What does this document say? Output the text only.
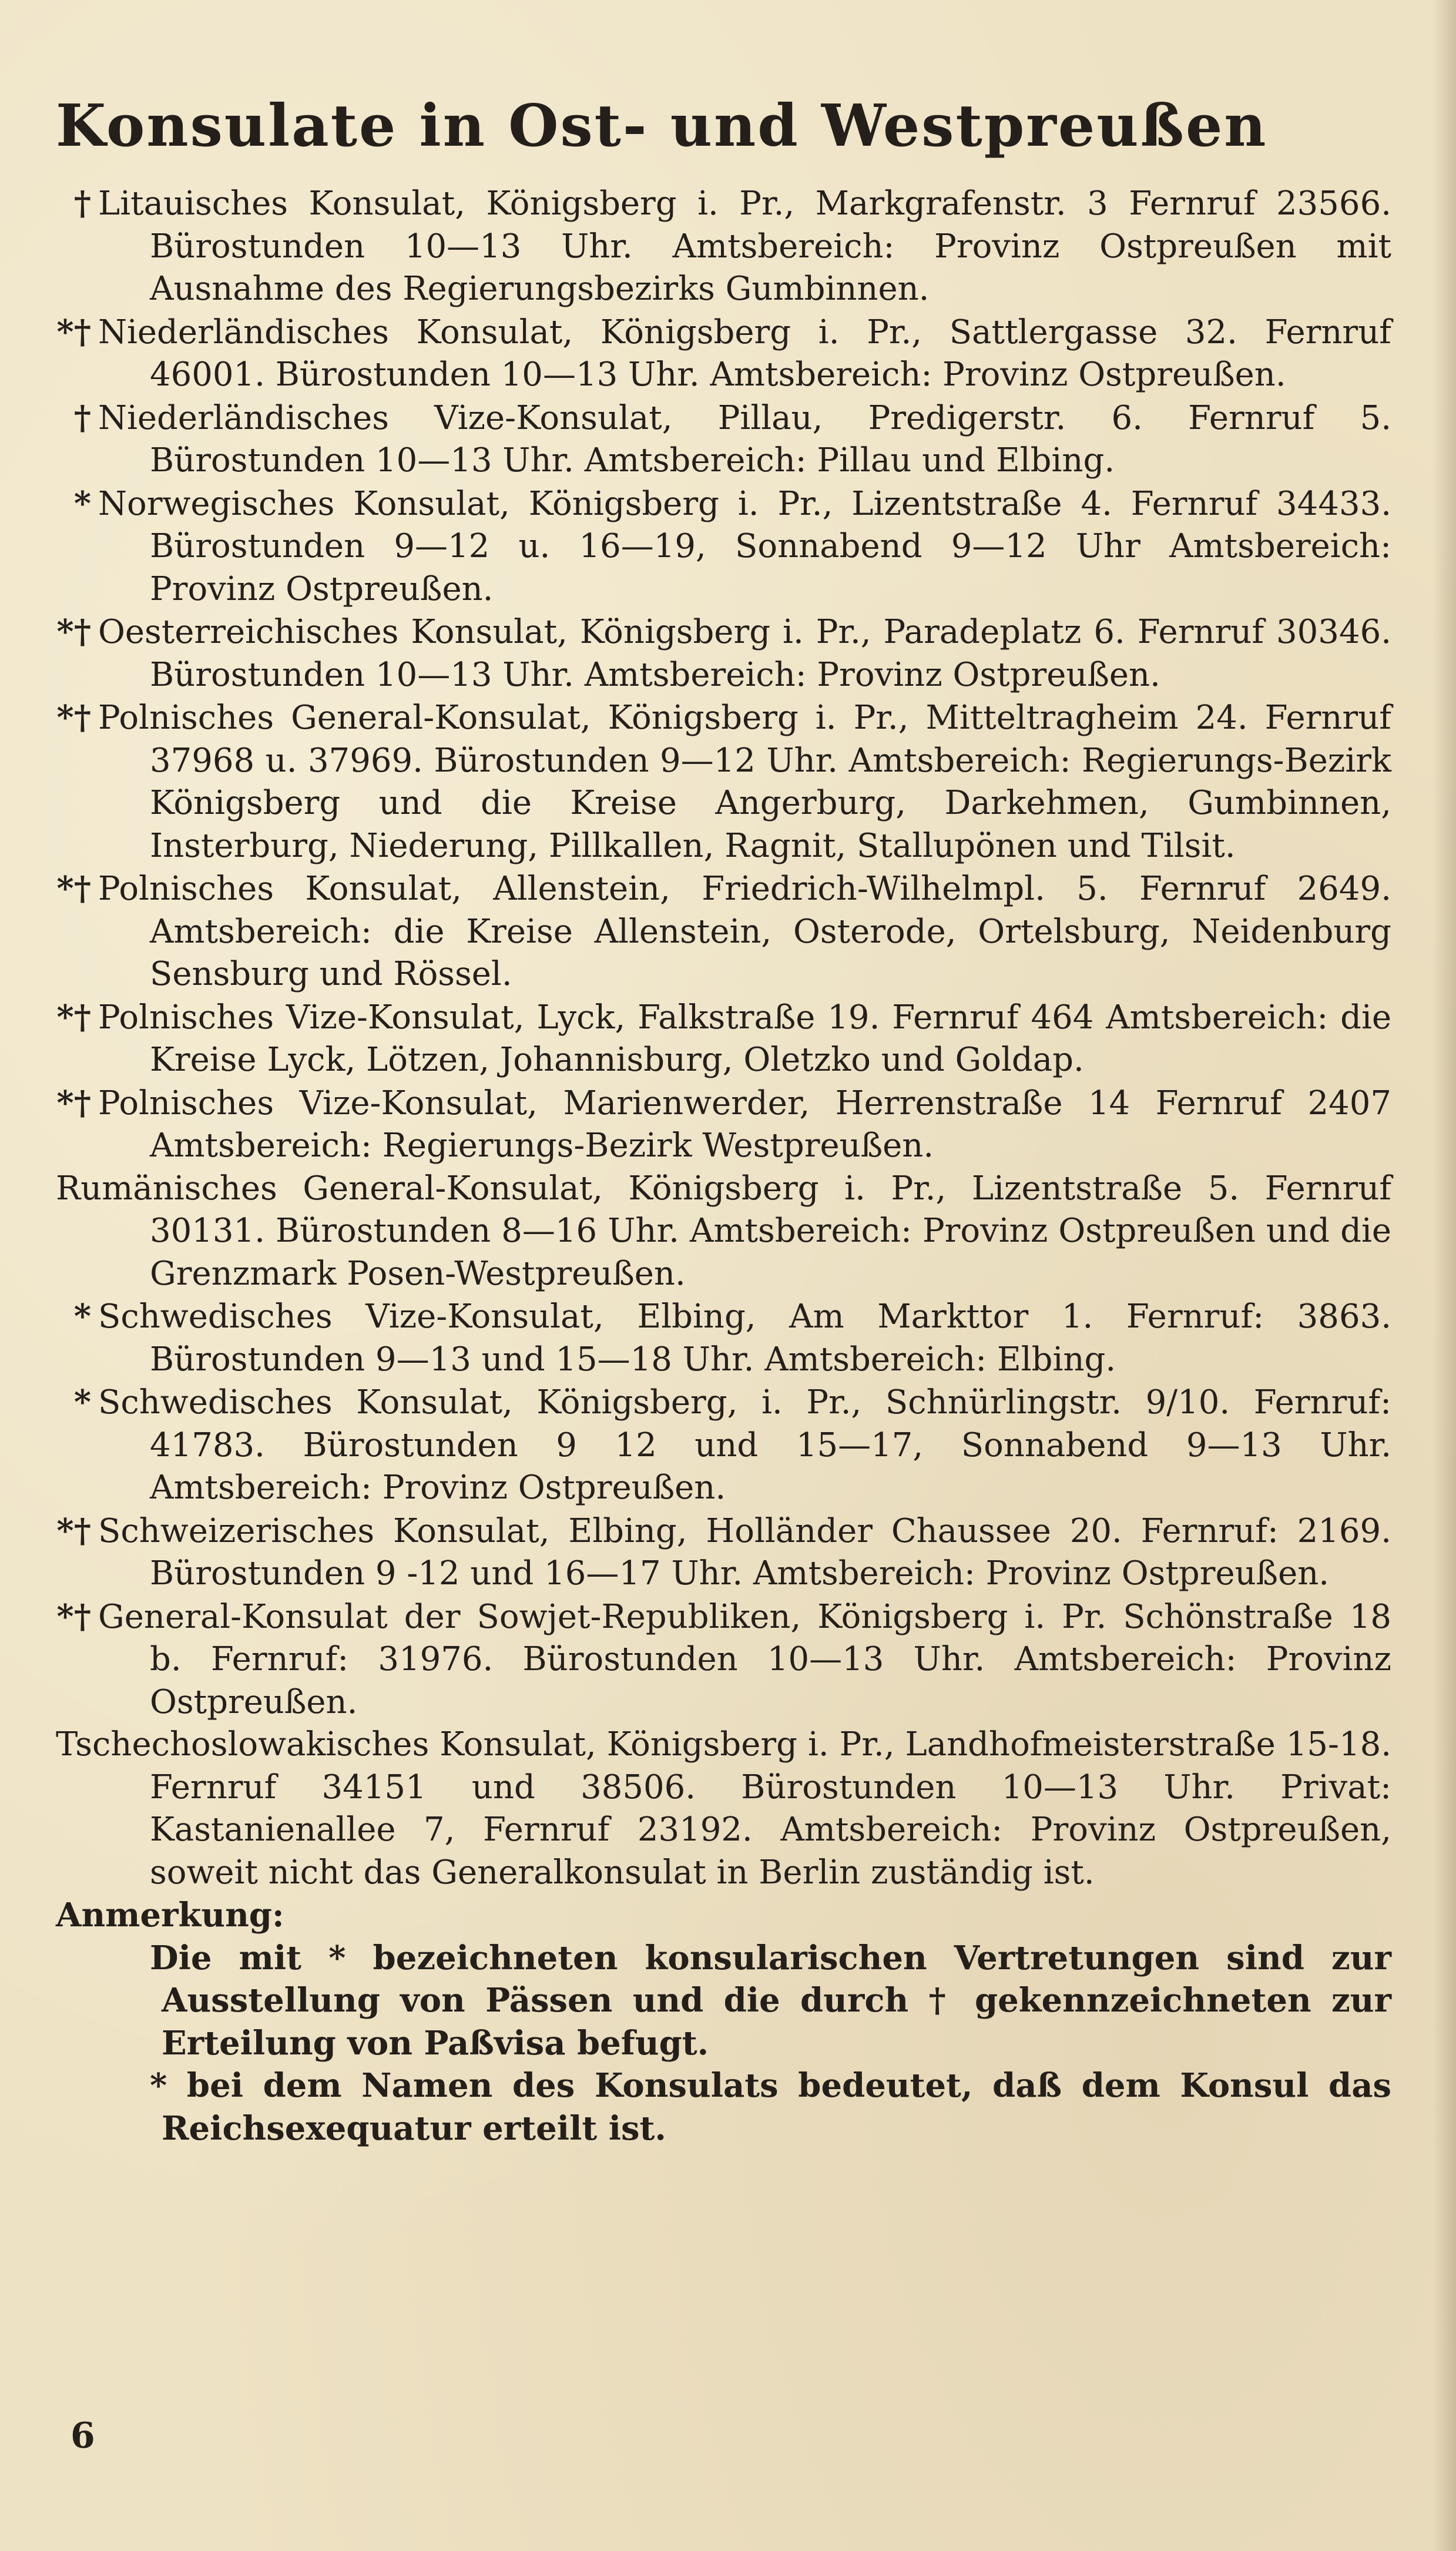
Konsulate in Ost- und Westpreußen

† Litauisches Konsulat, Königsberg i. Pr., Markgrafenstr. 3 Fernruf 23566. Bürostunden 10—13 Uhr. Amtsbereich: Provinz Ostpreußen mit Ausnahme des Regierungsbezirks Gumbinnen.

*† Niederländisches Konsulat, Königsberg i. Pr., Sattlergasse 32. Fernruf 46001. Bürostunden 10—13 Uhr. Amtsbereich: Provinz Ostpreußen.

† Niederländisches Vize-Konsulat, Pillau, Predigerstr. 6. Fernruf 5. Bürostunden 10—13 Uhr. Amtsbereich: Pillau und Elbing.

* Norwegisches Konsulat, Königsberg i. Pr., Lizentstraße 4. Fernruf 34433. Bürostunden 9—12 u. 16—19, Sonnabend 9—12 Uhr Amtsbereich: Provinz Ostpreußen.

*† Oesterreichisches Konsulat, Königsberg i. Pr., Paradeplatz 6. Fernruf 30346. Bürostunden 10—13 Uhr. Amtsbereich: Provinz Ostpreußen.

*† Polnisches General-Konsulat, Königsberg i. Pr., Mitteltragheim 24. Fernruf 37968 u. 37969. Bürostunden 9—12 Uhr. Amtsbereich: Regierungs-Bezirk Königsberg und die Kreise Angerburg, Darkehmen, Gumbinnen, Insterburg, Niederung, Pillkallen, Ragnit, Stallupönen und Tilsit.

*† Polnisches Konsulat, Allenstein, Friedrich-Wilhelmpl. 5. Fernruf 2649. Amtsbereich: die Kreise Allenstein, Osterode, Ortelsburg, Neidenburg Sensburg und Rössel.

*† Polnisches Vize-Konsulat, Lyck, Falkstraße 19. Fernruf 464 Amtsbereich: die Kreise Lyck, Lötzen, Johannisburg, Oletzko und Goldap.

*† Polnisches Vize-Konsulat, Marienwerder, Herrenstraße 14 Fernruf 2407 Amtsbereich: Regierungs-Bezirk Westpreußen.

Rumänisches General-Konsulat, Königsberg i. Pr., Lizentstraße 5. Fernruf 30131. Bürostunden 8—16 Uhr. Amtsbereich: Provinz Ostpreußen und die Grenzmark Posen-Westpreußen.

* Schwedisches Vize-Konsulat, Elbing, Am Markttor 1. Fernruf: 3863. Bürostunden 9—13 und 15—18 Uhr. Amtsbereich: Elbing.

* Schwedisches Konsulat, Königsberg, i. Pr., Schnürlingstr. 9/10. Fernruf: 41783. Bürostunden 9 12 und 15—17, Sonnabend 9—13 Uhr. Amtsbereich: Provinz Ostpreußen.

*† Schweizerisches Konsulat, Elbing, Holländer Chaussee 20. Fernruf: 2169. Bürostunden 9 -12 und 16—17 Uhr. Amtsbereich: Provinz Ostpreußen.

*† General-Konsulat der Sowjet-Republiken, Königsberg i. Pr. Schönstraße 18 b. Fernruf: 31976. Bürostunden 10—13 Uhr. Amtsbereich: Provinz Ostpreußen.

Tschechoslowakisches Konsulat, Königsberg i. Pr., Landhofmeisterstraße 15-18. Fernruf 34151 und 38506. Bürostunden 10—13 Uhr. Privat: Kastanienallee 7, Fernruf 23192. Amtsbereich: Provinz Ostpreußen, soweit nicht das Generalkonsulat in Berlin zuständig ist.

Anmerkung:

Die mit * bezeichneten konsularischen Vertretungen sind zur Ausstellung von Pässen und die durch † gekennzeichneten zur Erteilung von Paßvisa befugt.

* bei dem Namen des Konsulats bedeutet, daß dem Konsul das Reichsexequatur erteilt ist.

6
